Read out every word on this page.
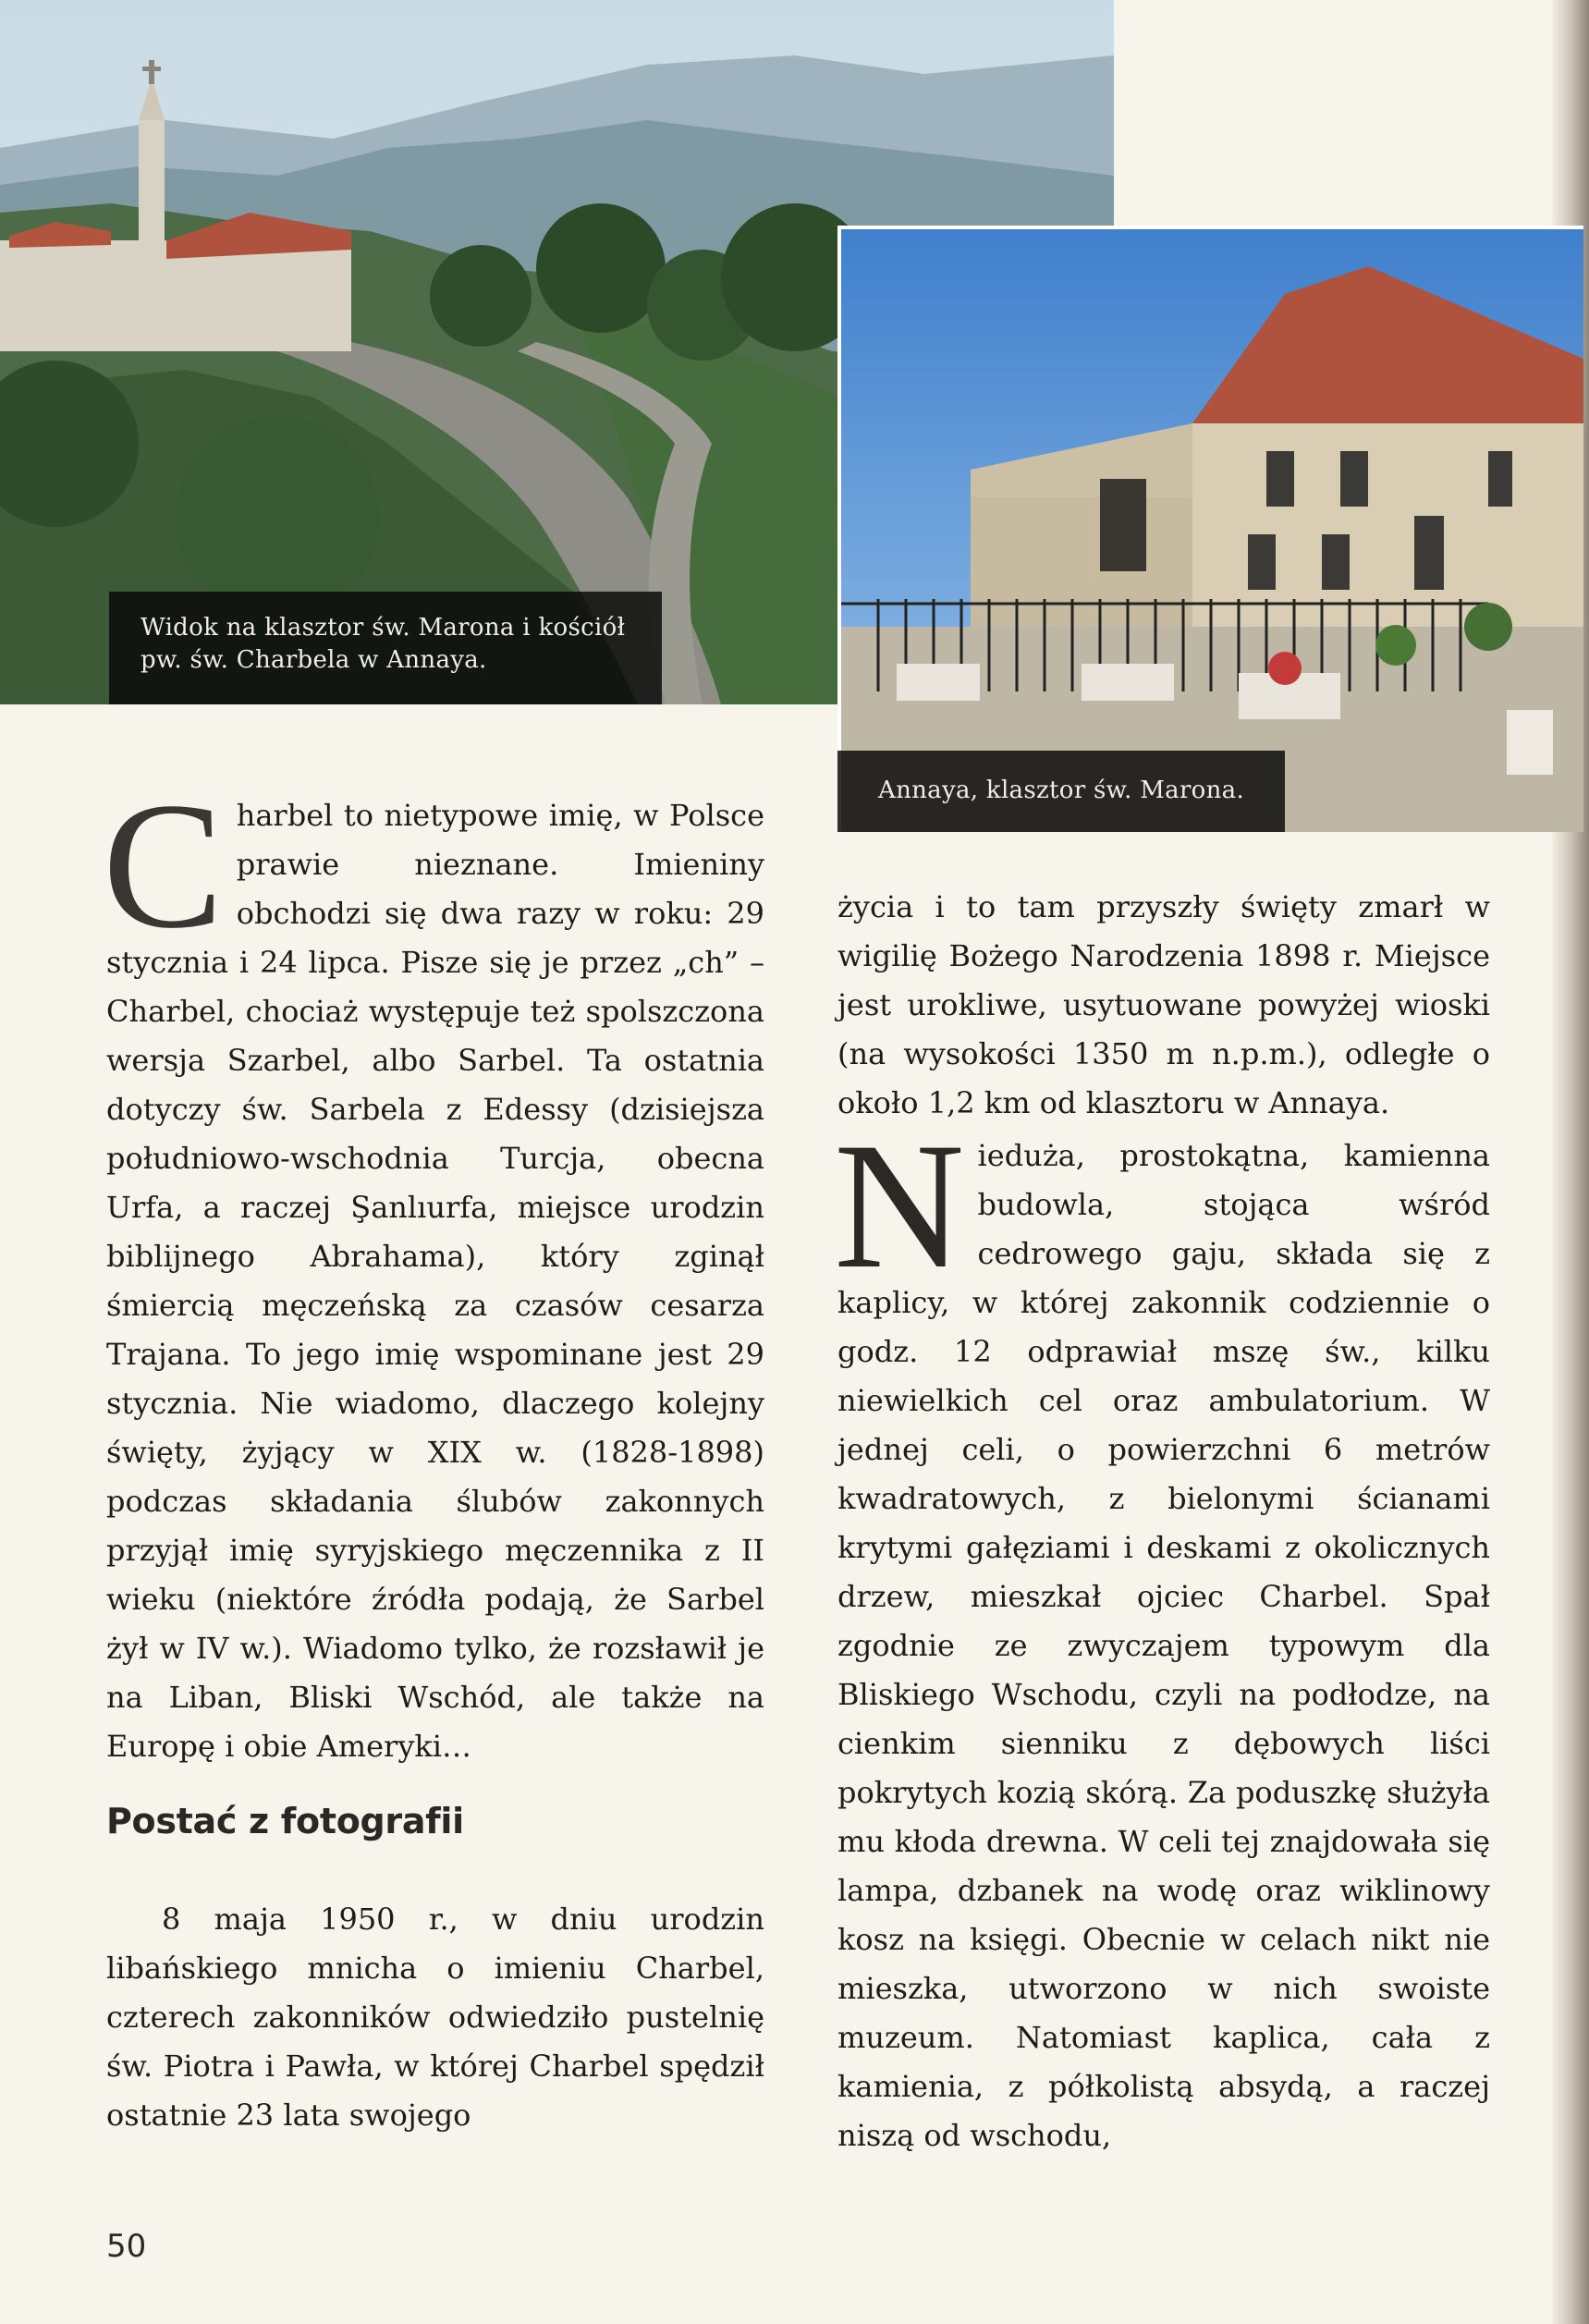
Widok na klasztor św. Marona i kościół
pw. św. Charbela w Annaya.
Annaya, klasztor św. Marona.
C harbel to nietypowe imię, w Polsce prawie nieznane. Imieniny obchodzi się dwa razy w roku: 29 stycznia i 24 lipca. Pisze się je przez „ch” – Charbel, chociaż występuje też spolszczona wersja Szarbel, albo Sarbel. Ta ostatnia dotyczy św. Sarbela z Edessy (dzisiejsza południowo-wschodnia Turcja, obecna Urfa, a raczej Şanlıurfa, miejsce urodzin biblijnego Abrahama), który zginął śmiercią męczeńską za czasów cesarza Trajana. To jego imię wspominane jest 29 stycznia. Nie wiadomo, dlaczego kolejny święty, żyjący w XIX w. (1828-1898) podczas składania ślubów zakonnych przyjął imię syryjskiego męczennika z II wieku (niektóre źródła podają, że Sarbel żył w IV w.). Wiadomo tylko, że rozsławił je na Liban, Bliski Wschód, ale także na Europę i obie Ameryki…

Postać z fotografii

8 maja 1950 r., w dniu urodzin libańskiego mnicha o imieniu Charbel, czterech zakonników odwiedziło pustelnię św. Piotra i Pawła, w której Charbel spędził ostatnie 23 lata swojego

życia i to tam przyszły święty zmarł w wigilię Bożego Narodzenia 1898 r. Miejsce jest urokliwe, usytuowane powyżej wioski (na wysokości 1350 m n.p.m.), odległe o około 1,2 km od klasztoru w Annaya.

N ieduża, prostokątna, kamienna budowla, stojąca wśród cedrowego gaju, składa się z kaplicy, w której zakonnik codziennie o godz. 12 odprawiał mszę św., kilku niewielkich cel oraz ambulatorium. W jednej celi, o powierzchni 6 metrów kwadratowych, z bielonymi ścianami krytymi gałęziami i deskami z okolicznych drzew, mieszkał ojciec Charbel. Spał zgodnie ze zwyczajem typowym dla Bliskiego Wschodu, czyli na podłodze, na cienkim sienniku z dębowych liści pokrytych kozią skórą. Za poduszkę służyła mu kłoda drewna. W celi tej znajdowała się lampa, dzbanek na wodę oraz wiklinowy kosz na księgi. Obecnie w celach nikt nie mieszka, utworzono w nich swoiste muzeum. Natomiast kaplica, cała z kamienia, z półkolistą absydą, a raczej niszą od wschodu,

50
